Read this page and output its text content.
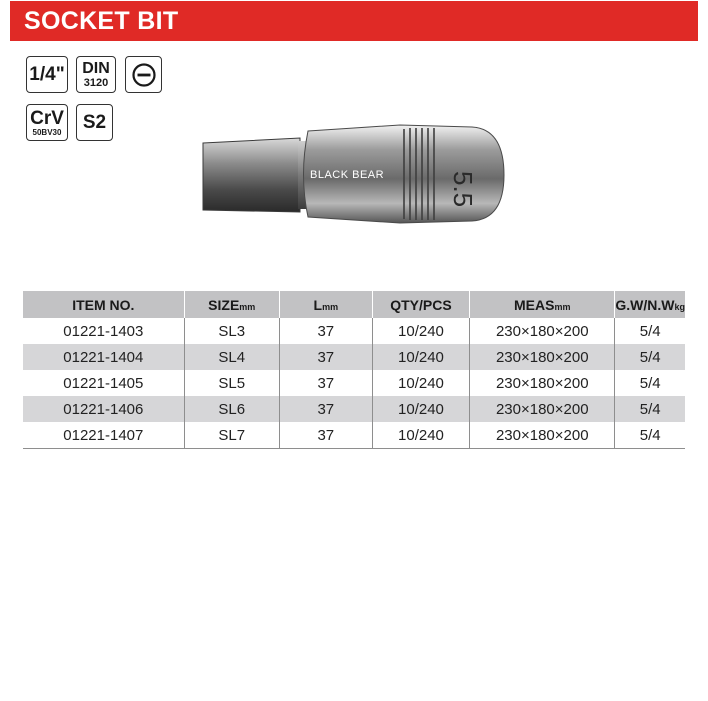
SOCKET BIT
1/4" DIN
3120
CrV
50BV30 S2
BLACK BEAR 5.5
ITEM NO.	SIZEmm	Lmm	QTY/PCS	MEASmm	G.W/N.Wkg
01221-1403	SL3	37	10/240	230×180×200	5/4
01221-1404	SL4	37	10/240	230×180×200	5/4
01221-1405	SL5	37	10/240	230×180×200	5/4
01221-1406	SL6	37	10/240	230×180×200	5/4
01221-1407	SL7	37	10/240	230×180×200	5/4
